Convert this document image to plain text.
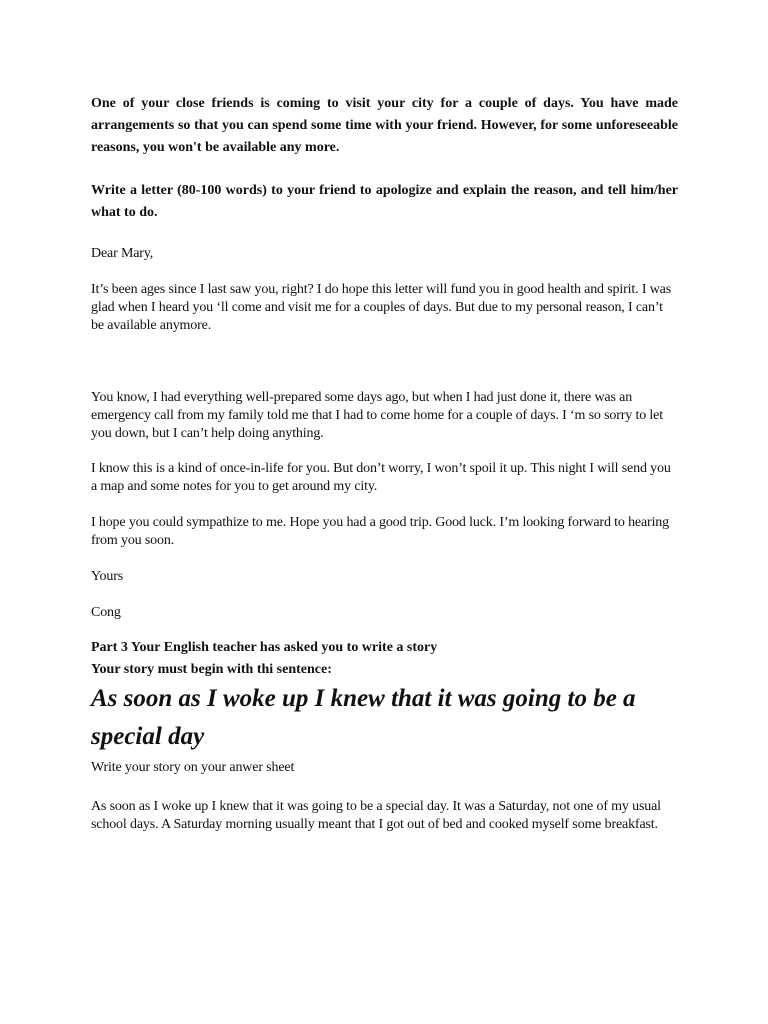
One of your close friends is coming to visit your city for a couple of days. You have made arrangements so that you can spend some time with your friend. However, for some unforeseeable reasons, you won't be available any more.

Write a letter (80-100 words) to your friend to apologize and explain the reason, and tell him/her what to do.

Dear Mary,

It’s been ages since I last saw you, right? I do hope this letter will fund you in good health and spirit. I was glad when I heard you ‘ll come and visit me for a couples of days. But due to my personal reason, I can’t be available anymore.

You know, I had everything well-prepared some days ago, but when I had just done it, there was an emergency call from my family told me that I had to come home for a couple of days. I ‘m so sorry to let you down, but I can’t help doing anything.

I know this is a kind of once-in-life for you. But don’t worry, I won’t spoil it up. This night I will send you a map and some notes for you to get around my city.

I hope you could sympathize to me. Hope you had a good trip. Good luck. I’m looking forward to hearing from you soon.

Yours

Cong

Part 3 Your English teacher has asked you to write a story

Your story must begin with thi sentence:

As soon as I woke up I knew that it was going to be a special day

Write your story on your anwer sheet

As soon as I woke up I knew that it was going to be a special day. It was a Saturday, not one of my usual school days. A Saturday morning usually meant that I got out of bed and cooked myself some breakfast.
